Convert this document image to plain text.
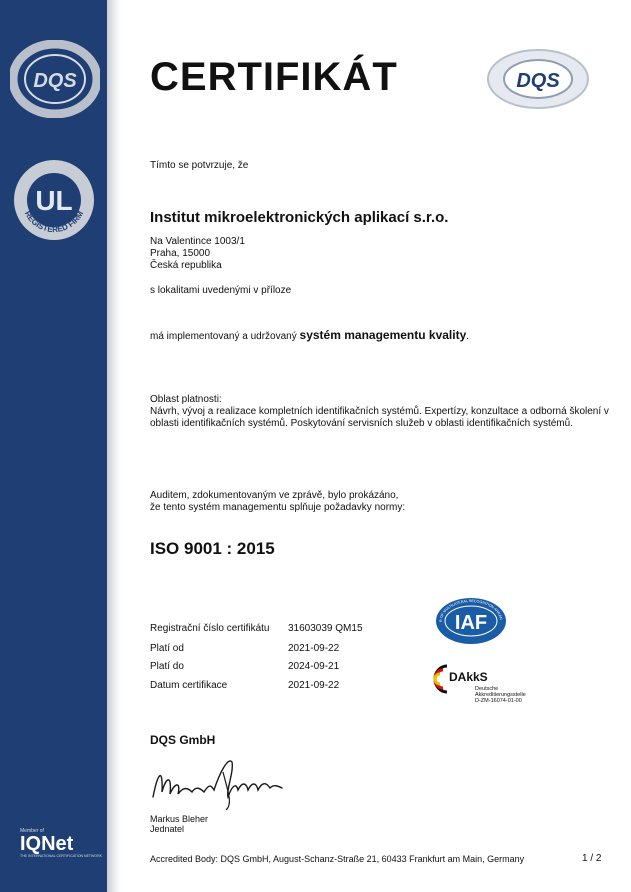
DQS
UL
REGISTERED FIRM
Member of
IQNet
THE INTERNATIONAL CERTIFICATION NETWORK
CERTIFIKÁT	DQS
Tímto se potvrzuje, že
Institut mikroelektronických aplikací s.r.o.
Na Valentince 1003/1
Praha, 15000
Česká republika
s lokalitami uvedenými v příloze
má implementovaný a udržovaný systém managementu kvality.
Oblast platnosti:
Návrh, vývoj a realizace kompletních identifikačních systémů. Expertízy, konzultace a odborná školení v oblasti identifikačních systémů. Poskytování servisních služeb v oblasti identifikačních systémů.
Auditem, zdokumentovaným ve zprávě, bylo prokázáno,
že tento systém managementu splňuje požadavky normy:
ISO 9001 : 2015
Registrační číslo certifikátu 31603039 QM15
Platí od	2021-09-22
Platí do	2024-09-21
Datum certifikace	2021-09-22
IAF
R OF MULTILATERAL RECOGNITION ARRAN
DAkkS
Deutsche
Akkreditierungsstelle
D-ZM-16074-01-00
DQS GmbH
Markus Bleher
Jednatel
Accredited Body: DQS GmbH, August-Schanz-Straße 21, 60433 Frankfurt am Main, Germany	1 / 2
